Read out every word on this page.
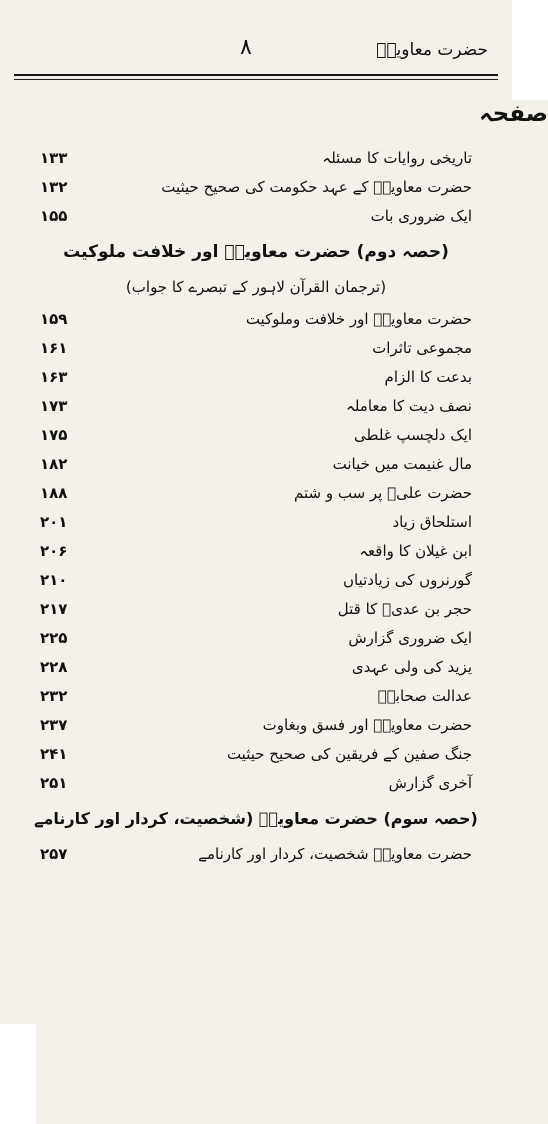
حضرت معاویہؓ
۸
صفحہ
تاریخی روایات کا مسئلہ
۱۳۳
حضرت معاویہؓ کے عہد حکومت کی صحیح حیثیت
۱۳۲
ایک ضروری بات
۱۵۵
(حصہ دوم) حضرت معاویہؓ اور خلافت ملوکیت
(ترجمان القرآن لاہور کے تبصرے کا جواب)
حضرت معاویہؓ اور خلافت وملوکیت
۱۵۹
مجموعی تاثرات
۱۶۱
بدعت کا الزام
۱۶۳
نصف دیت کا معاملہ
۱۷۳
ایک دلچسپ غلطی
۱۷۵
مال غنیمت میں خیانت
۱۸۲
حضرت علیؓ پر سب و شتم
۱۸۸
استلحاق زیاد
۲۰۱
ابن غیلان کا واقعہ
۲۰۶
گورنروں کی زیادتیاں
۲۱۰
حجر بن عدیؓ کا قتل
۲۱۷
ایک ضروری گزارش
۲۲۵
یزید کی ولی عہدی
۲۲۸
عدالت صحابہؓ
۲۳۲
حضرت معاویہؓ اور فسق وبغاوت
۲۳۷
جنگ صفین کے فریقین کی صحیح حیثیت
۲۴۱
آخری گزارش
۲۵۱
(حصہ سوم) حضرت معاویہؓ (شخصیت، کردار اور کارنامے
حضرت معاویہؓ شخصیت، کردار اور کارنامے
۲۵۷
